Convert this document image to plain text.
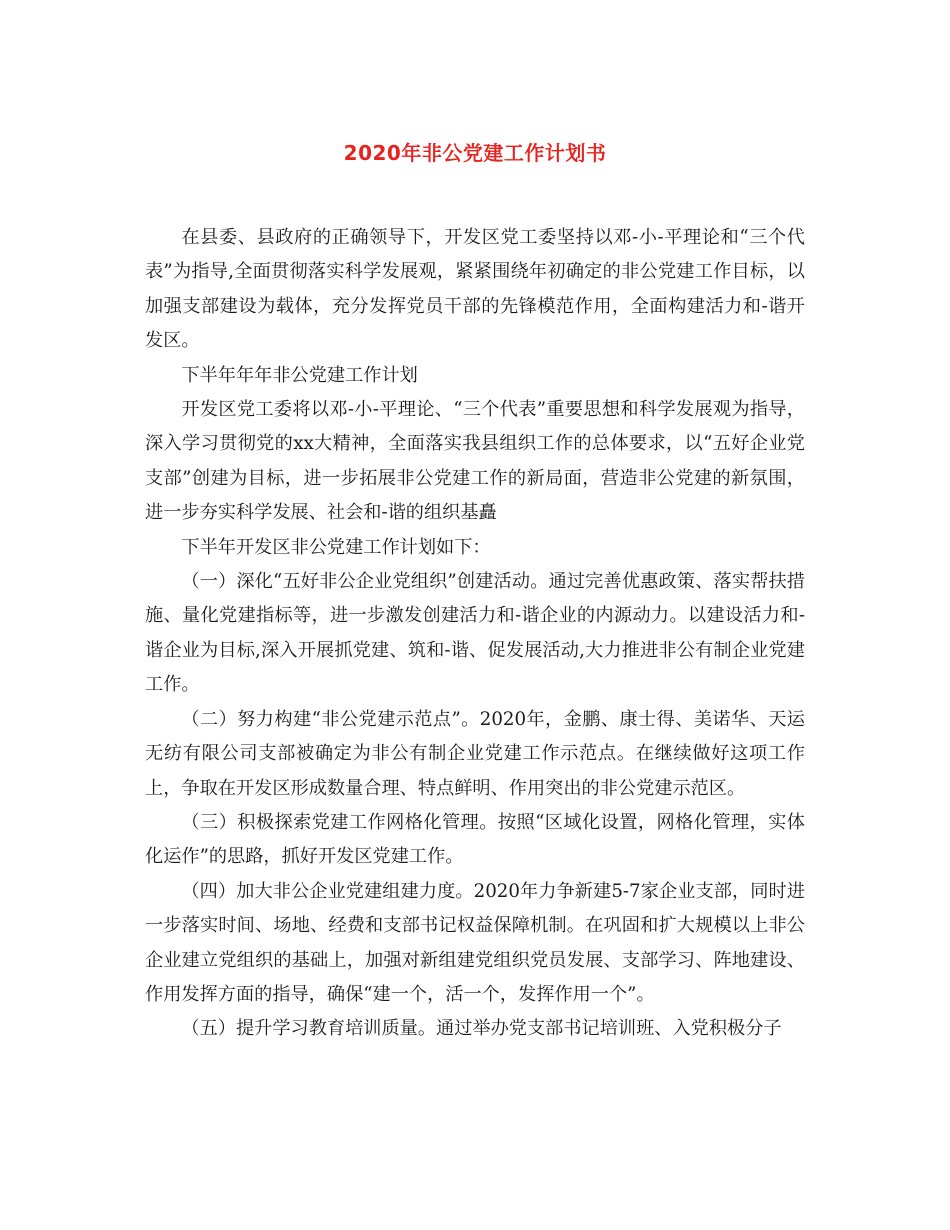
2020年非公党建工作计划书

在县委、县政府的正确领导下，开发区党工委坚持以邓-小-平理论和“三个代表”为指导,全面贯彻落实科学发展观，紧紧围绕年初确定的非公党建工作目标，以加强支部建设为载体，充分发挥党员干部的先锋模范作用，全面构建活力和-谐开发区。

下半年年年非公党建工作计划

开发区党工委将以邓-小-平理论、“三个代表”重要思想和科学发展观为指导，深入学习贯彻党的xx大精神，全面落实我县组织工作的总体要求，以“五好企业党支部”创建为目标，进一步拓展非公党建工作的新局面，营造非公党建的新氛围，进一步夯实科学发展、社会和-谐的组织基矗

下半年开发区非公党建工作计划如下：

（一）深化“五好非公企业党组织”创建活动。通过完善优惠政策、落实帮扶措施、量化党建指标等，进一步激发创建活力和-谐企业的内源动力。以建设活力和-谐企业为目标,深入开展抓党建、筑和-谐、促发展活动,大力推进非公有制企业党建工作。

（二）努力构建“非公党建示范点”。2020年，金鹏、康士得、美诺华、天运无纺有限公司支部被确定为非公有制企业党建工作示范点。在继续做好这项工作上，争取在开发区形成数量合理、特点鲜明、作用突出的非公党建示范区。

（三）积极探索党建工作网格化管理。按照“区域化设置，网格化管理，实体化运作”的思路，抓好开发区党建工作。

（四）加大非公企业党建组建力度。2020年力争新建5-7家企业支部，同时进一步落实时间、场地、经费和支部书记权益保障机制。在巩固和扩大规模以上非公企业建立党组织的基础上，加强对新组建党组织党员发展、支部学习、阵地建设、作用发挥方面的指导，确保“建一个，活一个，发挥作用一个”。

（五）提升学习教育培训质量。通过举办党支部书记培训班、入党积极分子
